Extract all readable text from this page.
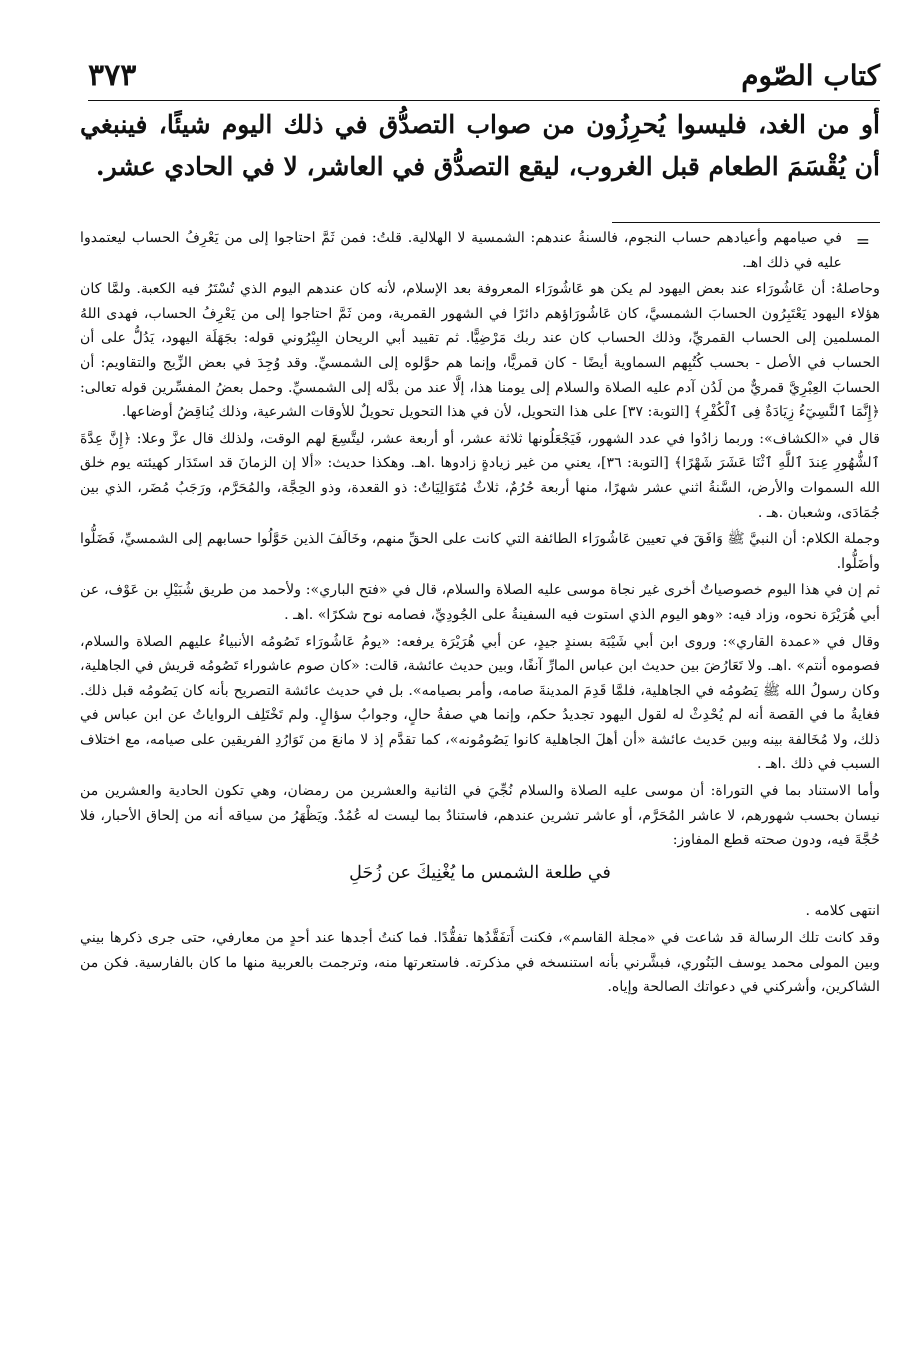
كتاب الصّوم
٣٧٣

أو من الغد، فليسوا يُحرِزُون من صواب التصدُّق في ذلك اليوم شيئًا، فينبغي أن يُقْسَمَ الطعام قبل الغروب، ليقع التصدُّق في العاشر، لا في الحادي عشر.

=

في صيامهم وأعيادهم حساب النجوم، فالسنةُ عندهم: الشمسية لا الهلالية. قلتُ: فمن ثَمَّ احتاجوا إلى من يَعْرِفُ الحساب ليعتمدوا عليه في ذلك اهـ.

وحاصلهُ: أن عَاشُورَاء عند بعض اليهود لم يكن هو عَاشُورَاء المعروفة بعد الإسلام، لأنه كان عندهم اليوم الذي تُسْتَرُ فيه الكعبة. ولمَّا كان هؤلاء اليهود يَعْتَبِرُون الحسابَ الشمسيَّ، كان عَاشُورَاؤهم دائرًا في الشهور القمرية، ومن ثَمَّ احتاجوا إلى من يَعْرِفُ الحساب، فهدى اللهُ المسلمين إلى الحساب القمريِّ، وذلك الحساب كان عند ربك مَرْضِيًّا. ثم تقييد أبي الريحان البِيْرُوني قوله: بجَهَلَة اليهود، يَدُلُّ على أن الحساب في الأصل - بحسب كُتُبِهم السماوية أيضًا - كان قمريًّا، وإنما هم حوَّلوه إلى الشمسيِّ. وقد وُجِدَ في بعض الزِّيج والتقاويم: أن الحسابَ العِبْرِيَّ قمريٌّ من لَدُن آدم عليه الصلاة والسلام إلى يومنا هذا، إلَّا عند من بدَّله إلى الشمسيِّ. وحمل بعضُ المفسِّرين قوله تعالى: ﴿إِنَّمَا ٱلنَّسِيٓءُ زِيَادَةٌ فِى ٱلْكُفْرِ﴾ [التوبة: ٣٧] على هذا التحويل، لأن في هذا التحويل تحويلٌ للأوقات الشرعية، وذلك يُناقِضُ أوضاعها.

قال في «الكشاف»: وربما زادُوا في عدد الشهور، فَيَجْعَلُونها ثلاثة عشر، أو أربعة عشر، ليتَّسِعَ لهم الوقت، ولذلك قال عزَّ وعلا: ﴿إِنَّ عِدَّةَ ٱلشُّهُورِ عِندَ ٱللَّهِ ٱثْنَا عَشَرَ شَهْرًا﴾ [التوبة: ٣٦]، يعني من غير زيادةٍ زادوها .اهـ. وهكذا حديث: «ألا إن الزمانَ قد استَدَار كهيئته يوم خلق الله السموات والأرض، السَّنةُ اثني عشر شهرًا، منها أربعة حُرُمٌ، ثلاثٌ مُتَوَالِيَاتٌ: ذو القعدة، وذو الحِجَّة، والمُحَرَّم، ورَجَبُ مُضَر، الذي بين جُمَادَى، وشعبان .هـ .

وجملة الكلام: أن النبيَّ ﷺ وَافَقَ في تعيين عَاشُورَاء الطائفة التي كانت على الحقِّ منهم، وخَالَفَ الذين حَوَّلُوا حسابهم إلى الشمسيِّ، فَضَلُّوا وأضَلُّوا.

ثم إن في هذا اليوم خصوصياتٌ أخرى غير نجاة موسى عليه الصلاة والسلام، قال في «فتح الباري»: ولأحمد من طريق شُبَيْلِ بن عَوْف، عن أبي هُرَيْرَة نحوه، وزاد فيه: «وهو اليوم الذي استوت فيه السفينةُ على الجُودِيِّ، فصامه نوح شكرًا» .اهـ .

وقال في «عمدة القاري»: وروى ابن أبي شَيْبَة بسندٍ جيدٍ، عن أبي هُرَيْرَة يرفعه: «يومُ عَاشُورَاء تَصُومُه الأنبياءُ عليهم الصلاة والسلام، فصوموه أنتم» .اهـ. ولا تَعَارُضَ بين حديث ابن عباس المارِّ آنفًا، وبين حديث عائشة، قالت: «كان صوم عاشوراء تَصُومُه قريش في الجاهلية، وكان رسولُ الله ﷺ يَصُومُه في الجاهلية، فلمَّا قَدِمَ المدينةَ صامه، وأمر بصيامه». بل في حديث عائشة التصريح بأنه كان يَصُومُه قبل ذلك. فغايةُ ما في القصة أنه لم يُحْدِثْ له لقول اليهود تجديدُ حكم، وإنما هي صفةُ حالٍ، وجوابُ سؤالٍ. ولم تَخْتَلِف الرواياتُ عن ابن عباس في ذلك، ولا مُخَالفة بينه وبين حَديث عائشة «أن أهلَ الجاهلية كانوا يَصُومُونه»، كما تقدَّم إذ لا مانعَ من تَوَارُدِ الفريقين على صيامه، مع اختلاف السبب في ذلك .اهـ .

وأما الاستناد بما في التوراة: أن موسى عليه الصلاة والسلام نُجِّيَ في الثانية والعشرين من رمضان، وهي تكون الحادية والعشرين من نيسان بحسب شهورهم، لا عاشر المُحَرَّم، أو عاشر تشرين عندهم، فاستنادٌ بما ليست له عُمُدٌ. ويَظْهَرُ من سياقه أنه من إلحاق الأحبار، فلا حُجَّةَ فيه، ودون صحته قطع المفاوز:

في طلعة الشمس ما يُغْنِيكَ عن زُحَلِ

انتهى كلامه .

وقد كانت تلك الرسالة قد شاعت في «مجلة القاسم»، فكنت أَتفَقَّدُها تفقُّدًا. فما كنتُ أجدها عند أحدٍ من معارفي، حتى جرى ذكرها بيني وبين المولى محمد يوسف البَنُوري، فبشَّرني بأنه استنسخه في مذكرته. فاستعرتها منه، وترجمت بالعربية منها ما كان بالفارسية. فكن من الشاكرين، وأشركني في دعواتك الصالحة وإياه.
